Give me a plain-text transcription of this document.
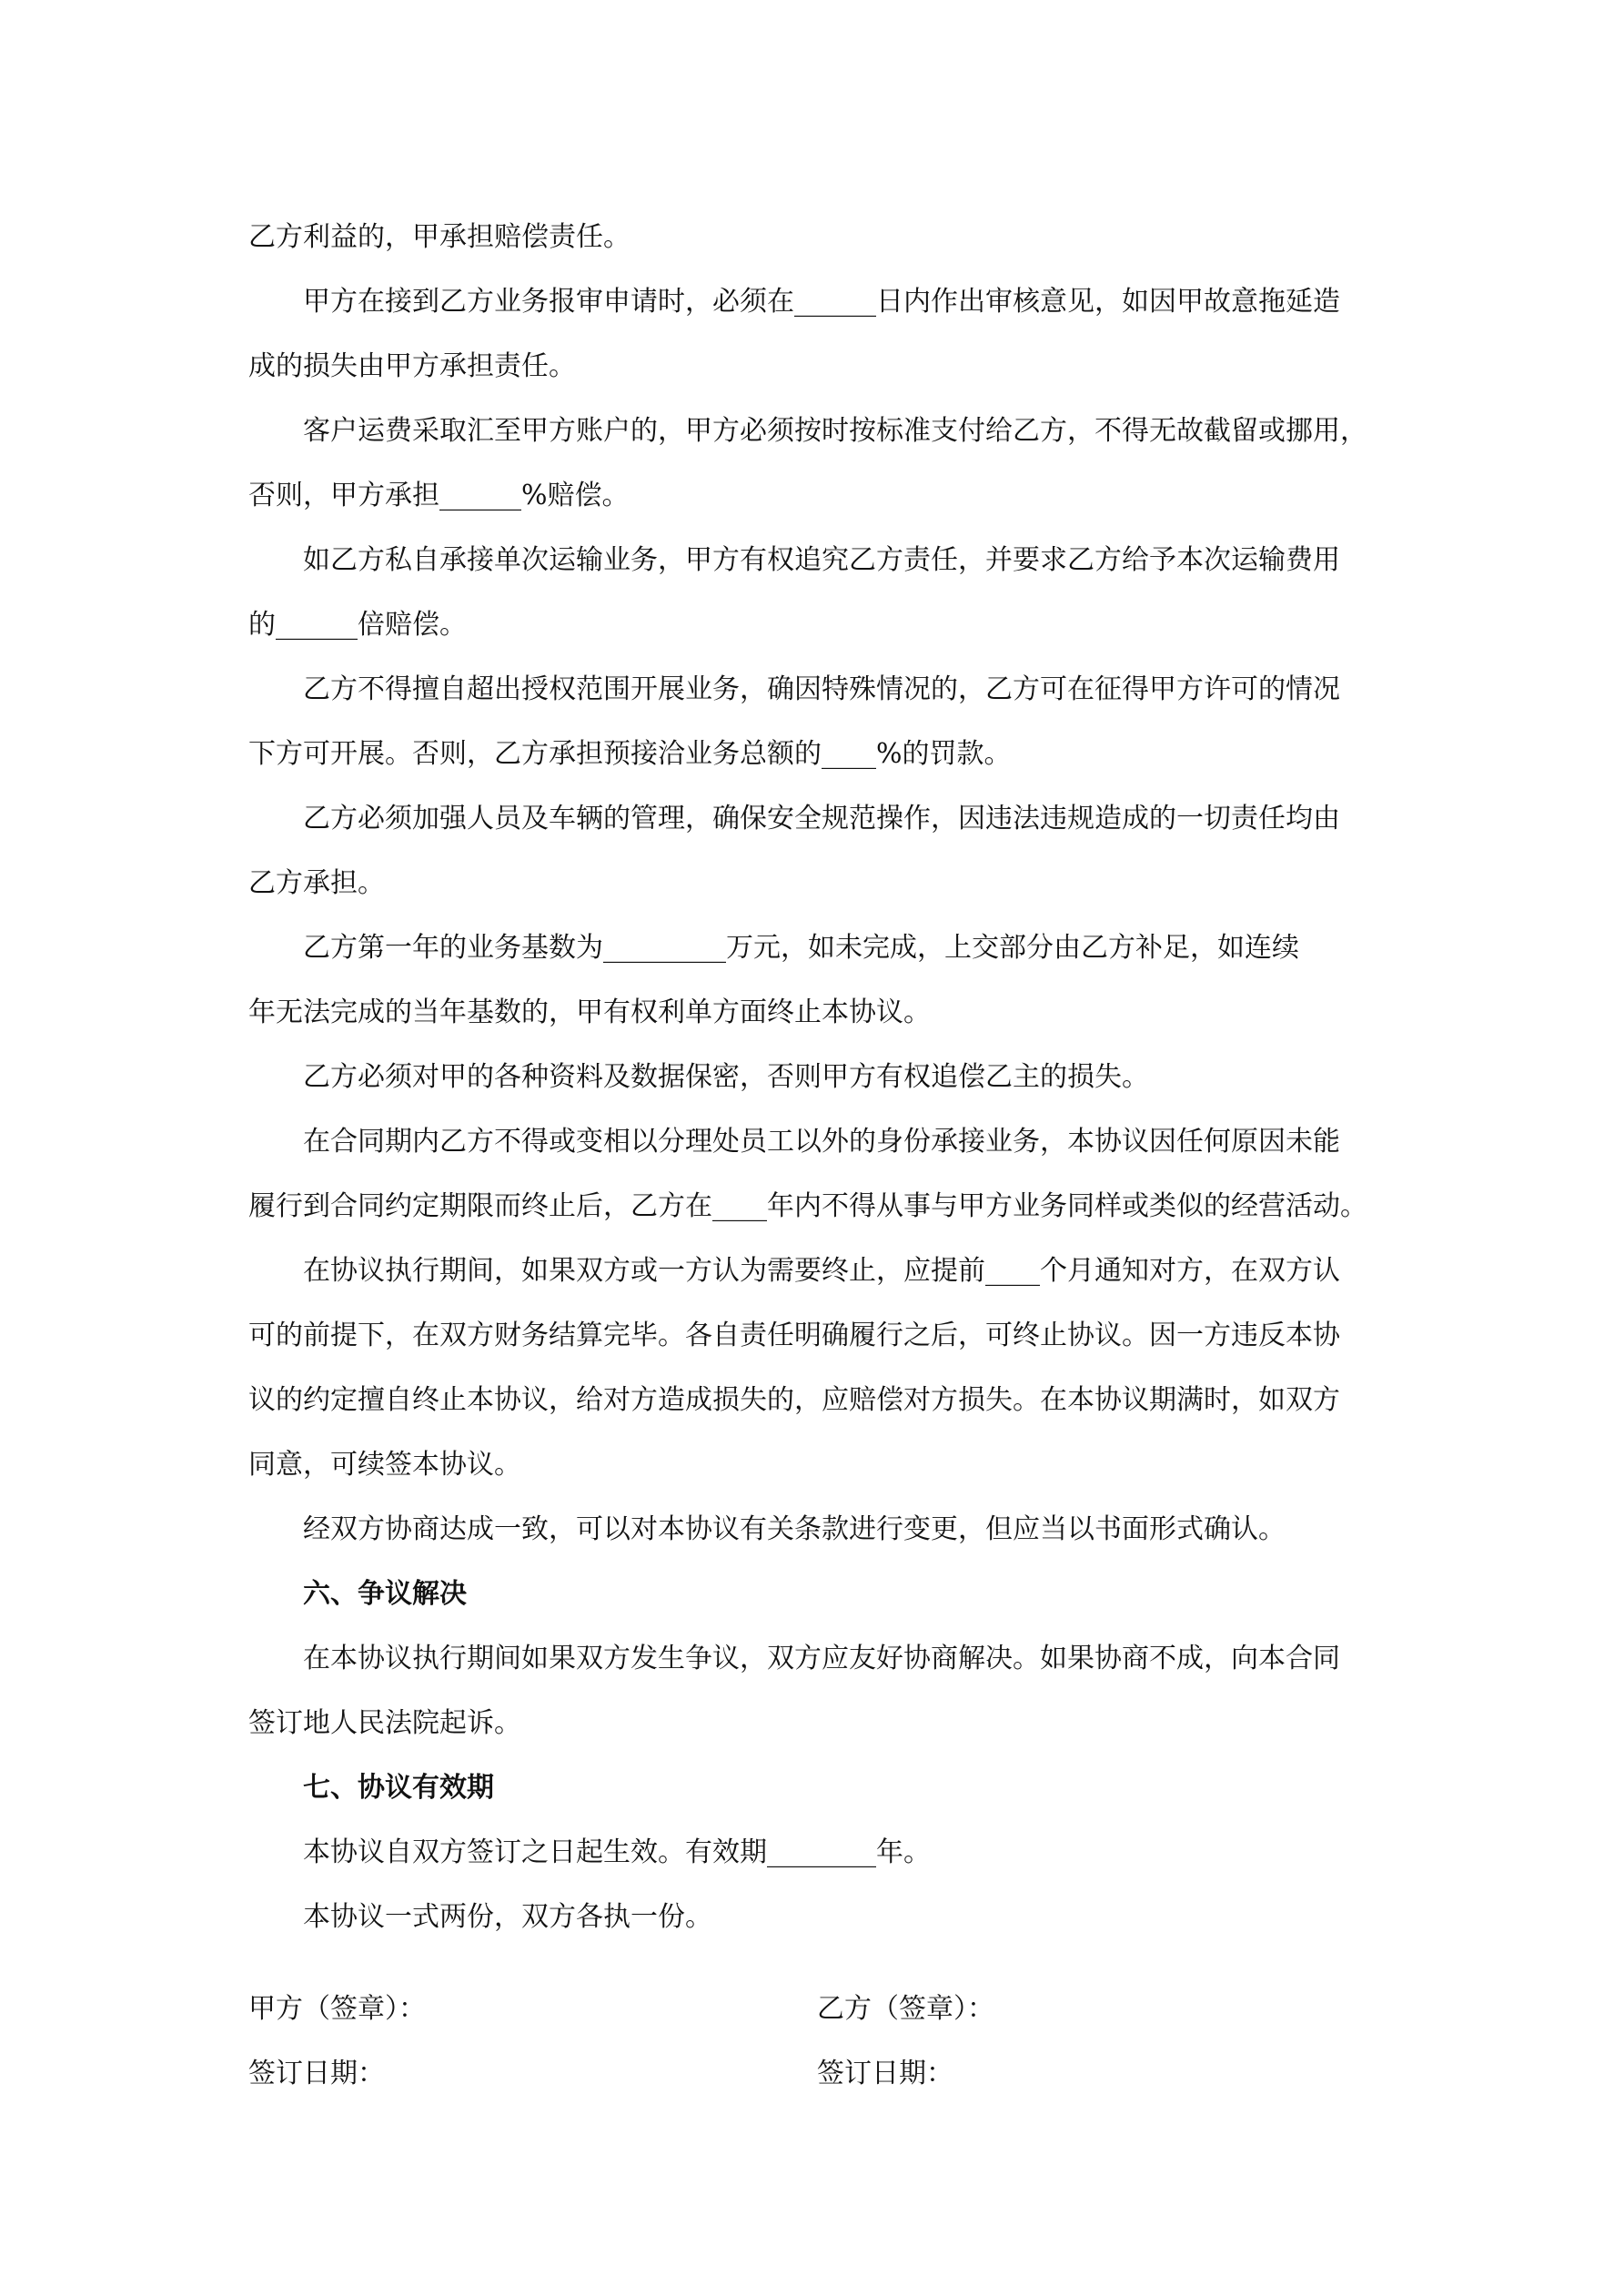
乙方利益的，甲承担赔偿责任。

甲方在接到乙方业务报审申请时，必须在______日内作出审核意见，如因甲故意拖延造
成的损失由甲方承担责任。

客户运费采取汇至甲方账户的，甲方必须按时按标准支付给乙方，不得无故截留或挪用，
否则，甲方承担______%赔偿。

如乙方私自承接单次运输业务，甲方有权追究乙方责任，并要求乙方给予本次运输费用
的______倍赔偿。

乙方不得擅自超出授权范围开展业务，确因特殊情况的，乙方可在征得甲方许可的情况
下方可开展。否则，乙方承担预接洽业务总额的____%的罚款。

乙方必须加强人员及车辆的管理，确保安全规范操作，因违法违规造成的一切责任均由
乙方承担。

乙方第一年的业务基数为_________万元，如未完成，上交部分由乙方补足，如连续
年无法完成的当年基数的，甲有权利单方面终止本协议。

乙方必须对甲的各种资料及数据保密，否则甲方有权追偿乙主的损失。

在合同期内乙方不得或变相以分理处员工以外的身份承接业务，本协议因任何原因未能
履行到合同约定期限而终止后，乙方在____年内不得从事与甲方业务同样或类似的经营活动。

在协议执行期间，如果双方或一方认为需要终止，应提前____个月通知对方，在双方认
可的前提下，在双方财务结算完毕。各自责任明确履行之后，可终止协议。因一方违反本协
议的约定擅自终止本协议，给对方造成损失的，应赔偿对方损失。在本协议期满时，如双方
同意，可续签本协议。

经双方协商达成一致，可以对本协议有关条款进行变更，但应当以书面形式确认。

六、争议解决

在本协议执行期间如果双方发生争议，双方应友好协商解决。如果协商不成，向本合同
签订地人民法院起诉。

七、协议有效期

本协议自双方签订之日起生效。有效期________年。

本协议一式两份，双方各执一份。

甲方（签章）：	乙方（签章）：
签订日期：	签订日期：
